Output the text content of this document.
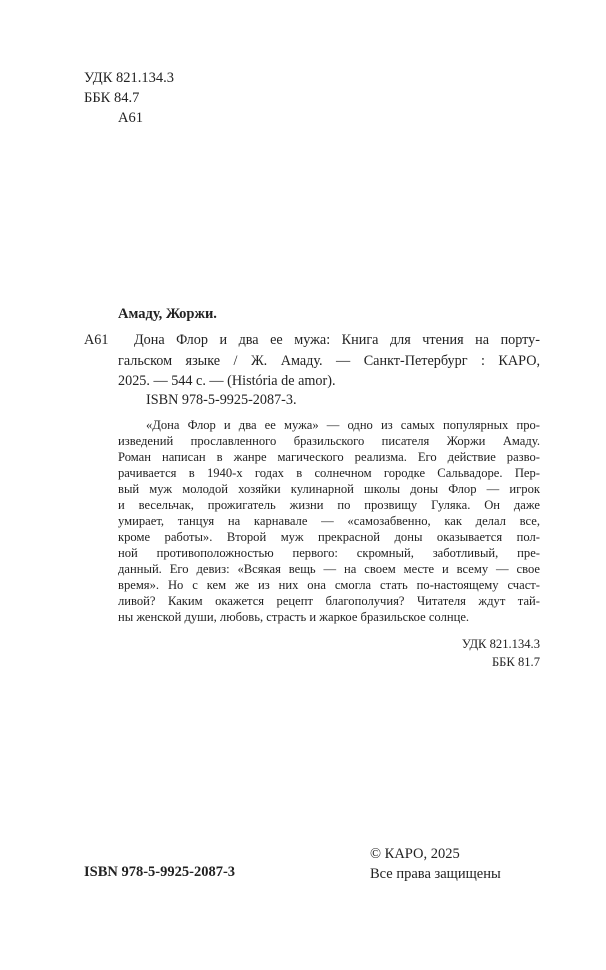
УДК 821.134.3
ББК 84.7
А61
Амаду, Жоржи.
А61	Дона Флор и два ее мужа: Книга для чтения на порту-
гальском языке / Ж. Амаду. — Санкт-Петербург : КАРО,
2025. — 544 с. — (História de amor).
ISBN 978-5-9925-2087-3.
«Дона Флор и два ее мужа» — одно из самых популярных про-
изведений прославленного бразильского писателя Жоржи Амаду.
Роман написан в жанре магического реализма. Его действие разво-
рачивается в 1940-х годах в солнечном городке Сальвадоре. Пер-
вый муж молодой хозяйки кулинарной школы доны Флор — игрок
и весельчак, прожигатель жизни по прозвищу Гуляка. Он даже
умирает, танцуя на карнавале — «самозабвенно, как делал все,
кроме работы». Второй муж прекрасной доны оказывается пол-
ной противоположностью первого: скромный, заботливый, пре-
данный. Его девиз: «Всякая вещь — на своем месте и всему — свое
время». Но с кем же из них она смогла стать по-настоящему счаст-
ливой? Каким окажется рецепт благополучия? Читателя ждут тай-
ны женской души, любовь, страсть и жаркое бразильское солнце.
УДК 821.134.3
ББК 81.7
ISBN 978-5-9925-2087-3
© КАРО, 2025
Все права защищены
